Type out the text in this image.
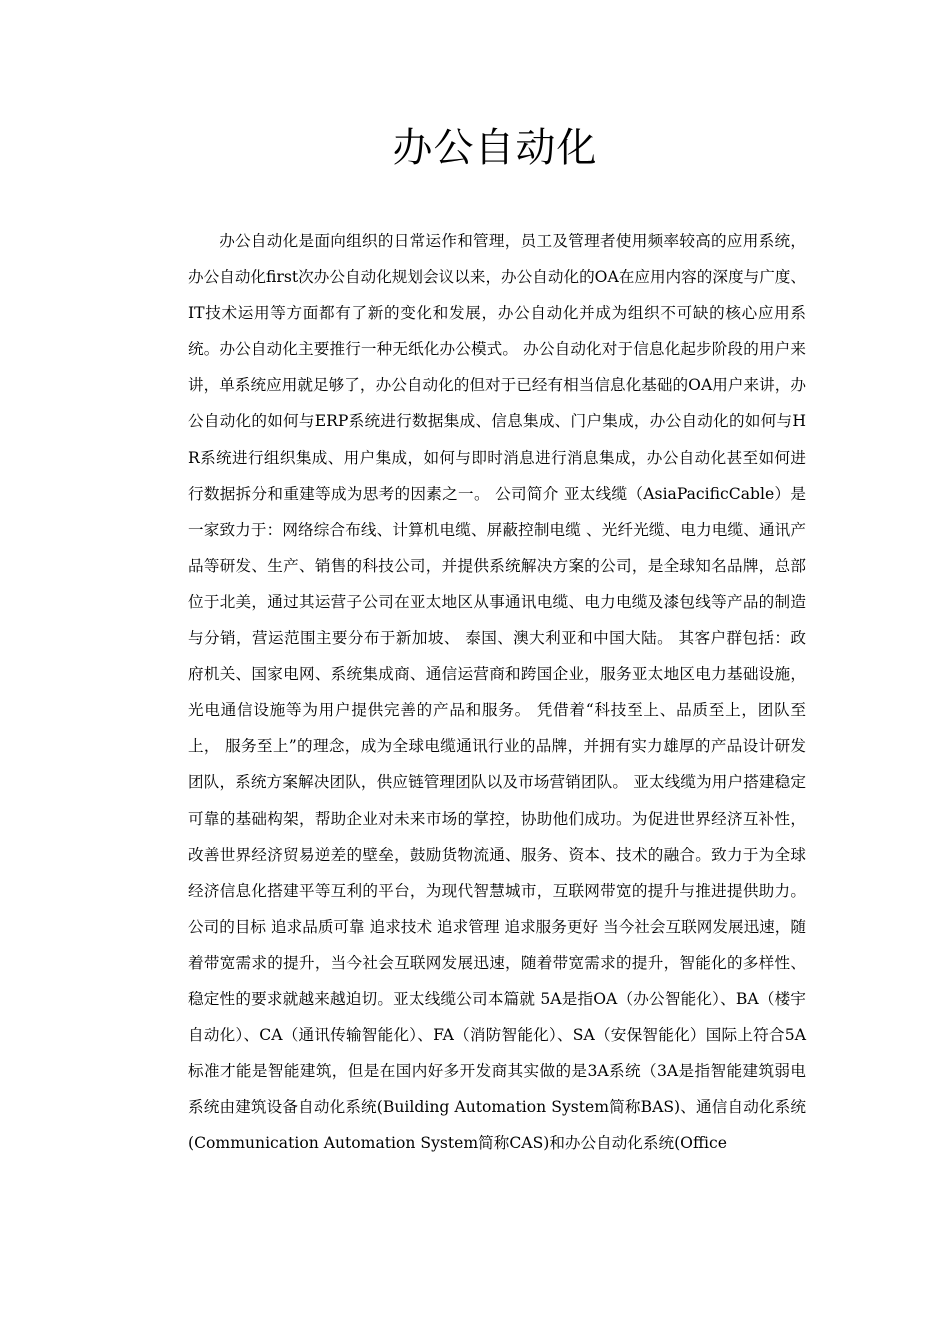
办公自动化

办公自动化是面向组织的日常运作和管理，员工及管理者使用频率较高的应用系统，办公自动化first次办公自动化规划会议以来，办公自动化的OA在应用内容的深度与广度、IT技术运用等方面都有了新的变化和发展，办公自动化并成为组织不可缺的核心应用系统。办公自动化主要推行一种无纸化办公模式。 办公自动化对于信息化起步阶段的用户来讲，单系统应用就足够了，办公自动化的但对于已经有相当信息化基础的OA用户来讲，办公自动化的如何与ERP系统进行数据集成、信息集成、门户集成，办公自动化的如何与HR系统进行组织集成、用户集成，如何与即时消息进行消息集成，办公自动化甚至如何进行数据拆分和重建等成为思考的因素之一。 公司简介 亚太线缆（AsiaPacificCable）是一家致力于：网络综合布线、计算机电缆、屏蔽控制电缆 、光纤光缆、电力电缆、通讯产品等研发、生产、销售的科技公司，并提供系统解决方案的公司，是全球知名品牌，总部位于北美，通过其运营子公司在亚太地区从事通讯电缆、电力电缆及漆包线等产品的制造与分销，营运范围主要分布于新加坡、 泰国、澳大利亚和中国大陆。 其客户群包括：政府机关、国家电网、系统集成商、通信运营商和跨国企业，服务亚太地区电力基础设施，光电通信设施等为用户提供完善的产品和服务。 凭借着“科技至上、品质至上，团队至上， 服务至上”的理念，成为全球电缆通讯行业的品牌，并拥有实力雄厚的产品设计研发团队，系统方案解决团队，供应链管理团队以及市场营销团队。 亚太线缆为用户搭建稳定可靠的基础构架，帮助企业对未来市场的掌控，协助他们成功。为促进世界经济互补性，改善世界经济贸易逆差的壁垒，鼓励货物流通、服务、资本、技术的融合。致力于为全球经济信息化搭建平等互利的平台，为现代智慧城市，互联网带宽的提升与推进提供助力。 公司的目标 追求品质可靠 追求技术 追求管理 追求服务更好 当今社会互联网发展迅速，随着带宽需求的提升，当今社会互联网发展迅速，随着带宽需求的提升，智能化的多样性、稳定性的要求就越来越迫切。亚太线缆公司本篇就 5A是指OA（办公智能化）、BA（楼宇自动化）、CA（通讯传输智能化）、FA（消防智能化）、SA（安保智能化）国际上符合5A标准才能是智能建筑，但是在国内好多开发商其实做的是3A系统（3A是指智能建筑弱电系统由建筑设备自动化系统(Building Automation System简称BAS)、通信自动化系统(Communication Automation System简称CAS)和办公自动化系统(Office
